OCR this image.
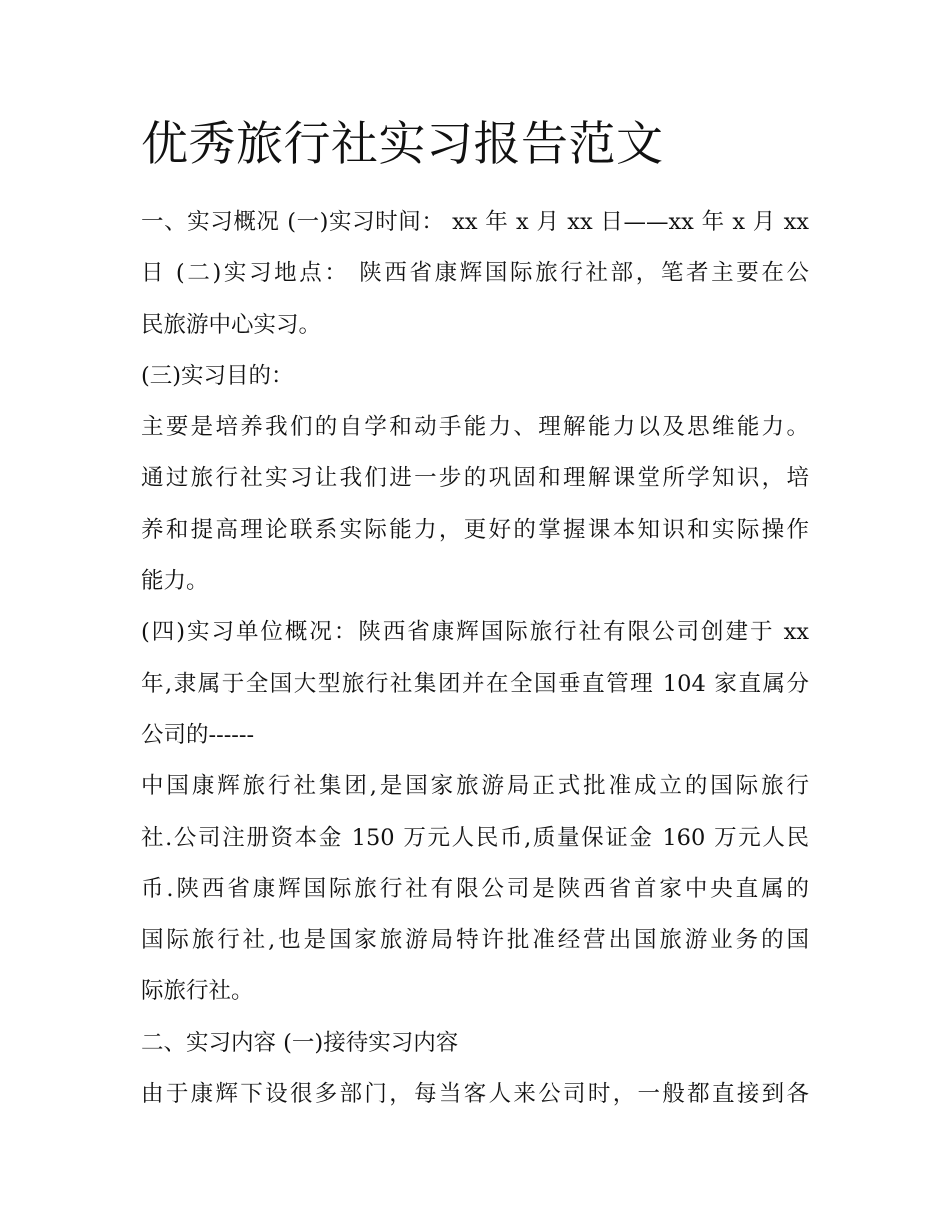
优秀旅行社实习报告范文
一、实习概况 (一)实习时间： xx 年 x 月 xx 日——xx 年 x 月 xx
日 (二)实习地点： 陕西省康辉国际旅行社部，笔者主要在公
民旅游中心实习。
(三)实习目的：
主要是培养我们的自学和动手能力、理解能力以及思维能力。
通过旅行社实习让我们进一步的巩固和理解课堂所学知识，培
养和提高理论联系实际能力，更好的掌握课本知识和实际操作
能力。
(四)实习单位概况：陕西省康辉国际旅行社有限公司创建于 xx
年,隶属于全国大型旅行社集团并在全国垂直管理 104 家直属分
公司的------
中国康辉旅行社集团,是国家旅游局正式批准成立的国际旅行
社.公司注册资本金 150 万元人民币,质量保证金 160 万元人民
币.陕西省康辉国际旅行社有限公司是陕西省首家中央直属的
国际旅行社,也是国家旅游局特许批准经营出国旅游业务的国
际旅行社。
二、实习内容 (一)接待实习内容
由于康辉下设很多部门，每当客人来公司时，一般都直接到各
